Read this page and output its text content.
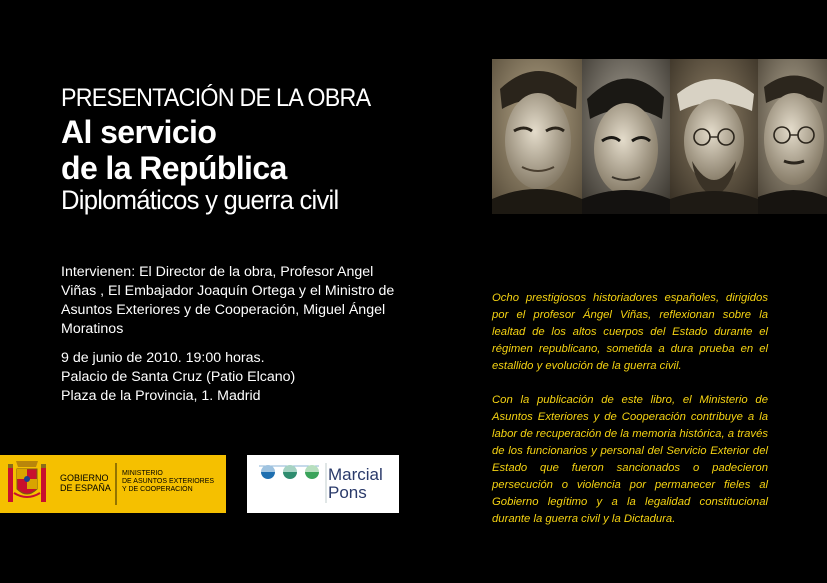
PRESENTACIÓN DE LA OBRA
Al servicio
de la República
Diplomáticos y guerra civil
Intervienen: El Director de la obra, Profesor Angel Viñas , El Embajador Joaquín Ortega y el Ministro de Asuntos Exteriores y de Cooperación, Miguel Ángel Moratinos
9 de junio de 2010. 19:00 horas.
Palacio de Santa Cruz (Patio Elcano)
Plaza de la Provincia, 1. Madrid

Ocho prestigiosos historiadores españoles, dirigidos por el profesor Ángel Viñas, reflexionan sobre la lealtad de los altos cuerpos del Estado durante el régimen republicano, sometida a dura prueba en el estallido y evolución de la guerra civil.

Con la publicación de este libro, el Ministerio de Asuntos Exteriores y de Cooperación contribuye a la labor de recuperación de la memoria histórica, a través de los funcionarios y personal del Servicio Exterior del Estado que fueron sancionados o padecieron persecución o violencia por permanecer fieles al Gobierno legítimo y a la legalidad constitucional durante la guerra civil y la Dictadura.

GOBIERNO
DE ESPAÑA
MINISTERIO
DE ASUNTOS EXTERIORES
Y DE COOPERACIÓN
Marcial
Pons
